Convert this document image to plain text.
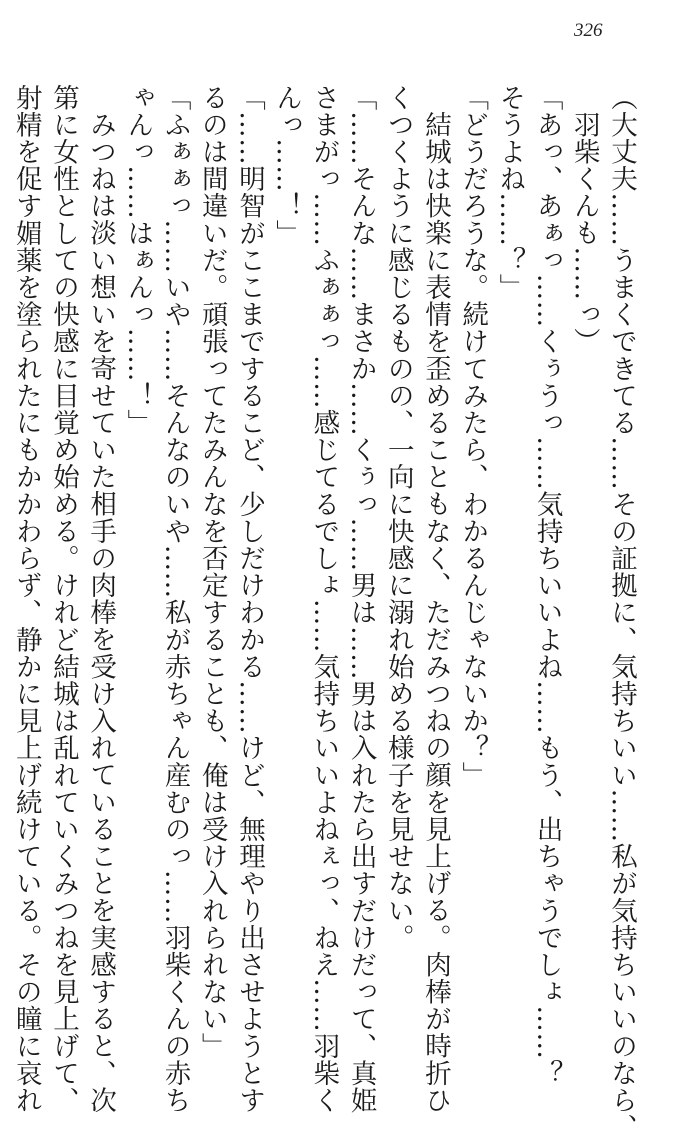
326

（大丈夫……うまくできてる……その証拠に、気持ちいい……私が気持ちいいのなら、

羽柴くんも……っ）

「あっ、あぁっ……くぅうっ……気持ちいいよね……もう、出ちゃうでしょ……？

そうよね……？」

「どうだろうな。続けてみたら、わかるんじゃないか？」

結城は快楽に表情を歪めることもなく、ただみつねの顔を見上げる。肉棒が時折ひ

くつくように感じるものの、一向に快感に溺れ始める様子を見せない。

「……そんな……まさか……くぅっ……男は……男は入れたら出すだけだって、真姫

さまがっ……ふぁぁっ……感じてるでしょ……気持ちいいよねぇっ、ねえ……羽柴く

んっ……！」

「……明智がここまでするこど、少しだけわかる……けど、無理やり出させようとす

るのは間違いだ。頑張ってたみんなを否定することも、俺は受け入れられない」

「ふぁぁっ……いや……そんなのいや……私が赤ちゃん産むのっ……羽柴くんの赤ち

ゃんっ……はぁんっ……！」

みつねは淡い想いを寄せていた相手の肉棒を受け入れていることを実感すると、次

第に女性としての快感に目覚め始める。けれど結城は乱れていくみつねを見上げて、

射精を促す媚薬を塗られたにもかかわらず、静かに見上げ続けている。その瞳に哀れ
